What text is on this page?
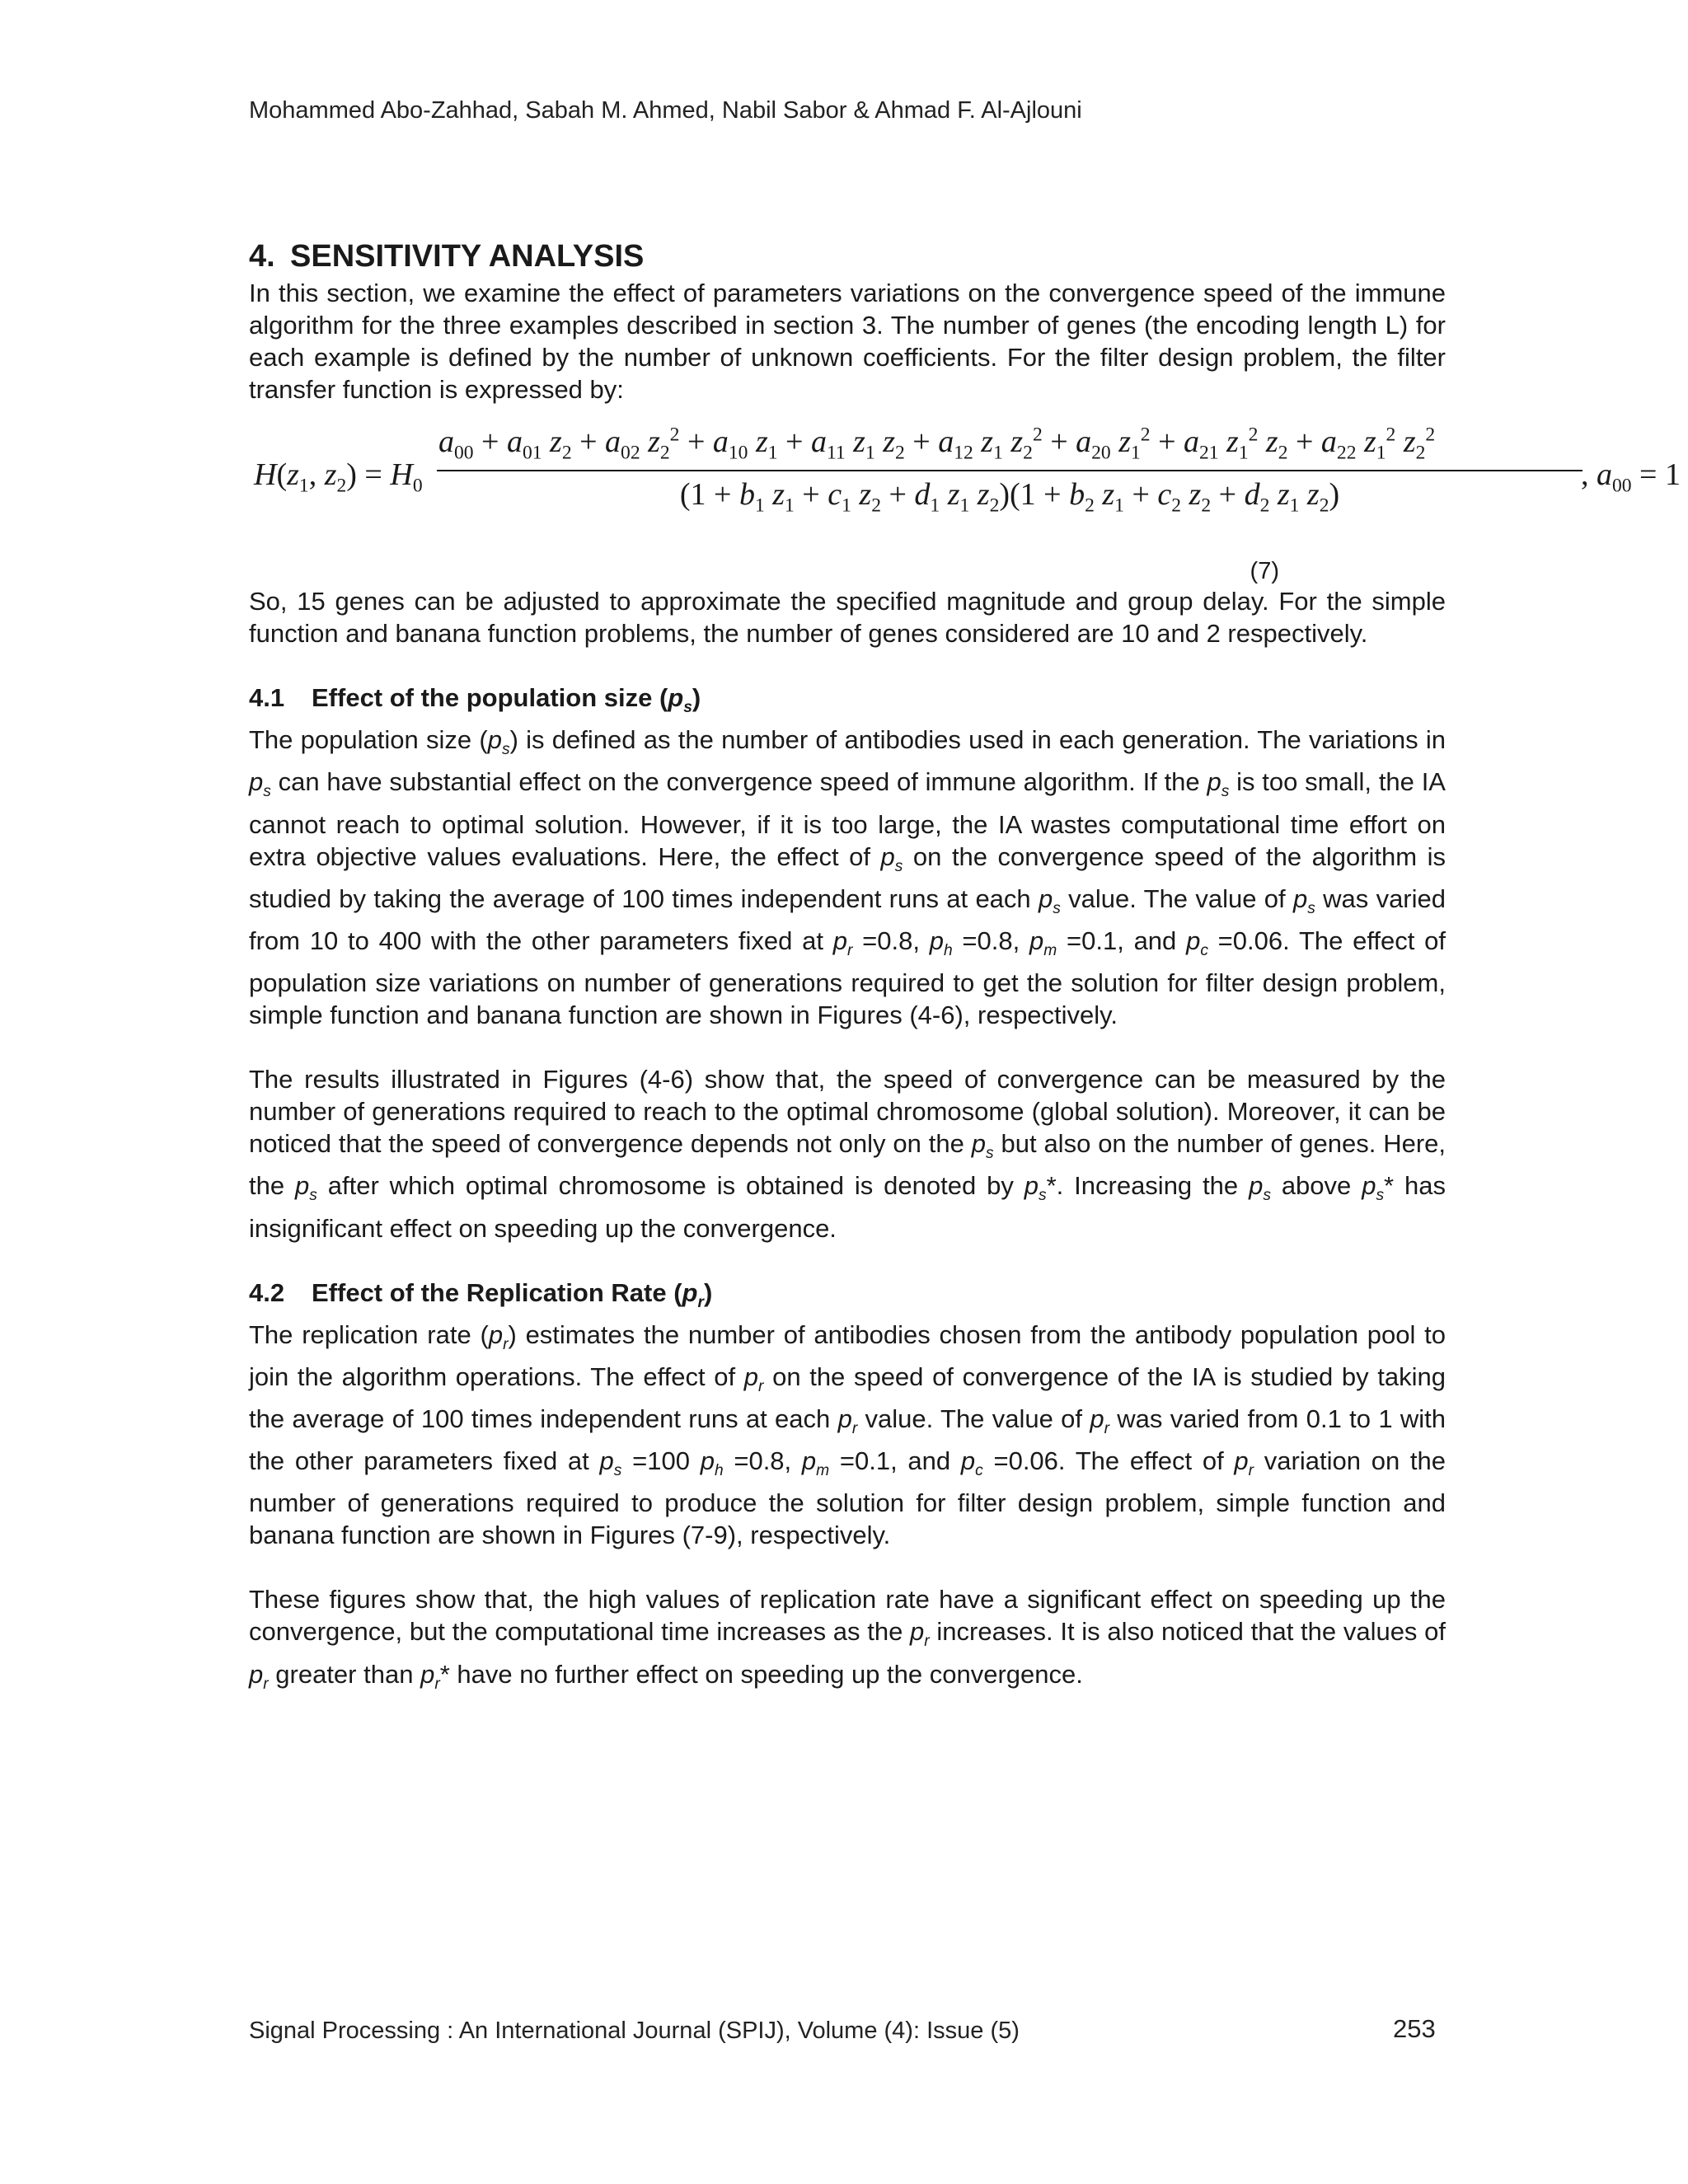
Mohammed Abo-Zahhad, Sabah M. Ahmed, Nabil Sabor & Ahmad F. Al-Ajlouni
4. SENSITIVITY ANALYSIS

In this section, we examine the effect of parameters variations on the convergence speed of the immune algorithm for the three examples described in section 3. The number of genes (the encoding length L) for each example is defined by the number of unknown coefficients. For the filter design problem, the filter transfer function is expressed by:

$H(z_1$, $z_2) = H_0$
$a_{00} + a_{01}$ $z_2 + a_{02}$ $z_2^2 + a_{10}$ $z_1 + a_{11}$ $z_1$ $z_2 + a_{12}$ $z_1$ $z_2^2 + a_{20}$ $z_1^2 + a_{21}$ $z_1^2$ $z_2 + a_{22}$ $z_1^2$ $z_2^2$
($1 + b_1$ $z_1 + c_1$ $z_2 + d_1$ $z_1$ $z_2)(1 + b_2$ $z_1 + c_2$ $z_2 + d_2$ $z_1$ $z_2$)
, $a_{00} = 1$
(7)

So, 15 genes can be adjusted to approximate the specified magnitude and group delay. For the simple function and banana function problems, the number of genes considered are 10 and 2 respectively.

4.1 Effect of the population size $(p_s)$

The population size $(p_s)$ is defined as the number of antibodies used in each generation. The variations in $p_s$ can have substantial effect on the convergence speed of immune algorithm. If the $p_s$ is too small, the IA cannot reach to optimal solution. However, if it is too large, the IA wastes computational time effort on extra objective values evaluations. Here, the effect of $p_s$ on the convergence speed of the algorithm is studied by taking the average of 100 times independent runs at each $p_s$ value. The value of $p_s$ was varied from 10 to 400 with the other parameters fixed at $p_r =0.8$, $p_h =0.8$, $p_m =0.1$, and $p_c =0.06$. The effect of population size variations on number of generations required to get the solution for filter design problem, simple function and banana function are shown in Figures (4-6), respectively.

The results illustrated in Figures (4-6) show that, the speed of convergence can be measured by the number of generations required to reach to the optimal chromosome (global solution). Moreover, it can be noticed that the speed of convergence depends not only on the $p_s$ but also on the number of genes. Here, the $p_s$ after which optimal chromosome is obtained is denoted by $p_s*$. Increasing the $p_s$ above $p_s*$ has insignificant effect on speeding up the convergence.

4.2 Effect of the Replication Rate $(p_r)$

The replication rate $(p_r)$ estimates the number of antibodies chosen from the antibody population pool to join the algorithm operations. The effect of $p_r$ on the speed of convergence of the IA is studied by taking the average of 100 times independent runs at each $p_r$ value. The value of $p_r$ was varied from 0.1 to 1 with the other parameters fixed at $p_s =100$ $p_h =0.8$, $p_m =0.1$, and $p_c =0.06$. The effect of $p_r$ variation on the number of generations required to produce the solution for filter design problem, simple function and banana function are shown in Figures (7-9), respectively.

These figures show that, the high values of replication rate have a significant effect on speeding up the convergence, but the computational time increases as the $p_r$ increases. It is also noticed that the values of $p_r$ greater than $p_r*$ have no further effect on speeding up the convergence.

Signal Processing : An International Journal (SPIJ), Volume (4): Issue (5)	253
